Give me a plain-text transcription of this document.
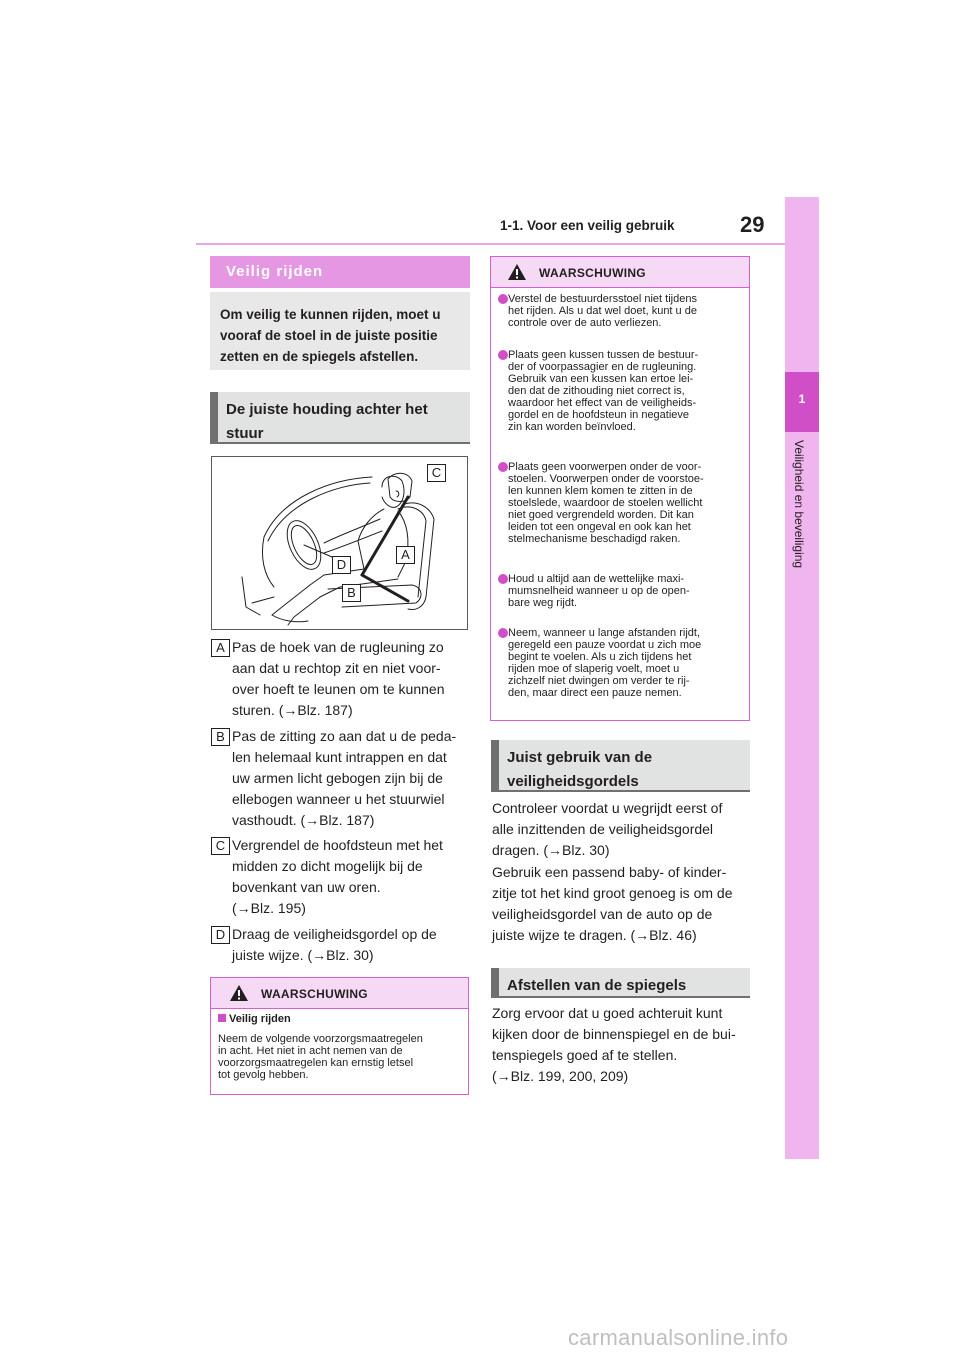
1-1. Voor een veilig gebruik	29
1
Veiligheid en beveiliging
Veilig rijden
Om veilig te kunnen rijden, moet u vooraf de stoel in de juiste positie zetten en de spiegels afstellen.
De juiste houding achter het stuur
C
A
D
B
A Pas de hoek van de rugleuning zo
aan dat u rechtop zit en niet voor-
over hoeft te leunen om te kunnen
sturen. (→Blz. 187)
B Pas de zitting zo aan dat u de peda-
len helemaal kunt intrappen en dat
uw armen licht gebogen zijn bij de
ellebogen wanneer u het stuurwiel
vasthoudt. (→Blz. 187)
C Vergrendel de hoofdsteun met het
midden zo dicht mogelijk bij de
bovenkant van uw oren.
(→Blz. 195)
D Draag de veiligheidsgordel op de
juiste wijze. (→Blz. 30)
WAARSCHUWING
Veilig rijden
Neem de volgende voorzorgsmaatregelen
in acht. Het niet in acht nemen van de
voorzorgsmaatregelen kan ernstig letsel
tot gevolg hebben.
WAARSCHUWING
Verstel de bestuurdersstoel niet tijdens
het rijden. Als u dat wel doet, kunt u de
controle over de auto verliezen.
Plaats geen kussen tussen de bestuur-
der of voorpassagier en de rugleuning.
Gebruik van een kussen kan ertoe lei-
den dat de zithouding niet correct is,
waardoor het effect van de veiligheids-
gordel en de hoofdsteun in negatieve
zin kan worden beïnvloed.
Plaats geen voorwerpen onder de voor-
stoelen. Voorwerpen onder de voorstoe-
len kunnen klem komen te zitten in de
stoelslede, waardoor de stoelen wellicht
niet goed vergrendeld worden. Dit kan
leiden tot een ongeval en ook kan het
stelmechanisme beschadigd raken.
Houd u altijd aan de wettelijke maxi-
mumsnelheid wanneer u op de open-
bare weg rijdt.
Neem, wanneer u lange afstanden rijdt,
geregeld een pauze voordat u zich moe
begint te voelen. Als u zich tijdens het
rijden moe of slaperig voelt, moet u
zichzelf niet dwingen om verder te rij-
den, maar direct een pauze nemen.
Juist gebruik van de veiligheidsgordels
Controleer voordat u wegrijdt eerst of
alle inzittenden de veiligheidsgordel
dragen. (→Blz. 30)
Gebruik een passend baby- of kinder-
zitje tot het kind groot genoeg is om de
veiligheidsgordel van de auto op de
juiste wijze te dragen. (→Blz. 46)
Afstellen van de spiegels
Zorg ervoor dat u goed achteruit kunt
kijken door de binnenspiegel en de bui-
tenspiegels goed af te stellen.
(→Blz. 199, 200, 209)
carmanualsonline.info
